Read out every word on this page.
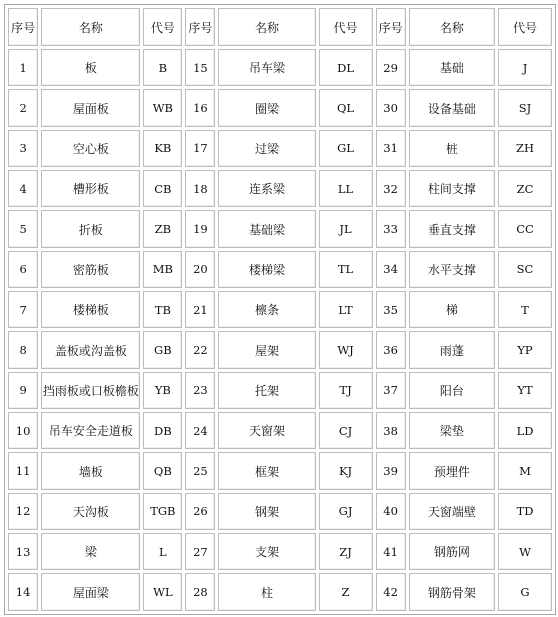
序号	名称	代号	序号	名称	代号	序号	名称	代号
1	板	B	15	吊车梁	DL	29	基础	J
2	屋面板	WB	16	圈梁	QL	30	设备基础	SJ
3	空心板	KB	17	过梁	GL	31	桩	ZH
4	槽形板	CB	18	连系梁	LL	32	柱间支撑	ZC
5	折板	ZB	19	基础梁	JL	33	垂直支撑	CC
6	密筋板	MB	20	楼梯梁	TL	34	水平支撑	SC
7	楼梯板	TB	21	檩条	LT	35	梯	T
8	盖板或沟盖板	GB	22	屋架	WJ	36	雨蓬	YP
9	挡雨板或口板檐板	YB	23	托架	TJ	37	阳台	YT
10	吊车安全走道板	DB	24	天窗架	CJ	38	梁垫	LD
11	墙板	QB	25	框架	KJ	39	预埋件	M
12	天沟板	TGB	26	钢架	GJ	40	天窗端壁	TD
13	梁	L	27	支架	ZJ	41	钢筋网	W
14	屋面梁	WL	28	柱	Z	42	钢筋骨架	G
